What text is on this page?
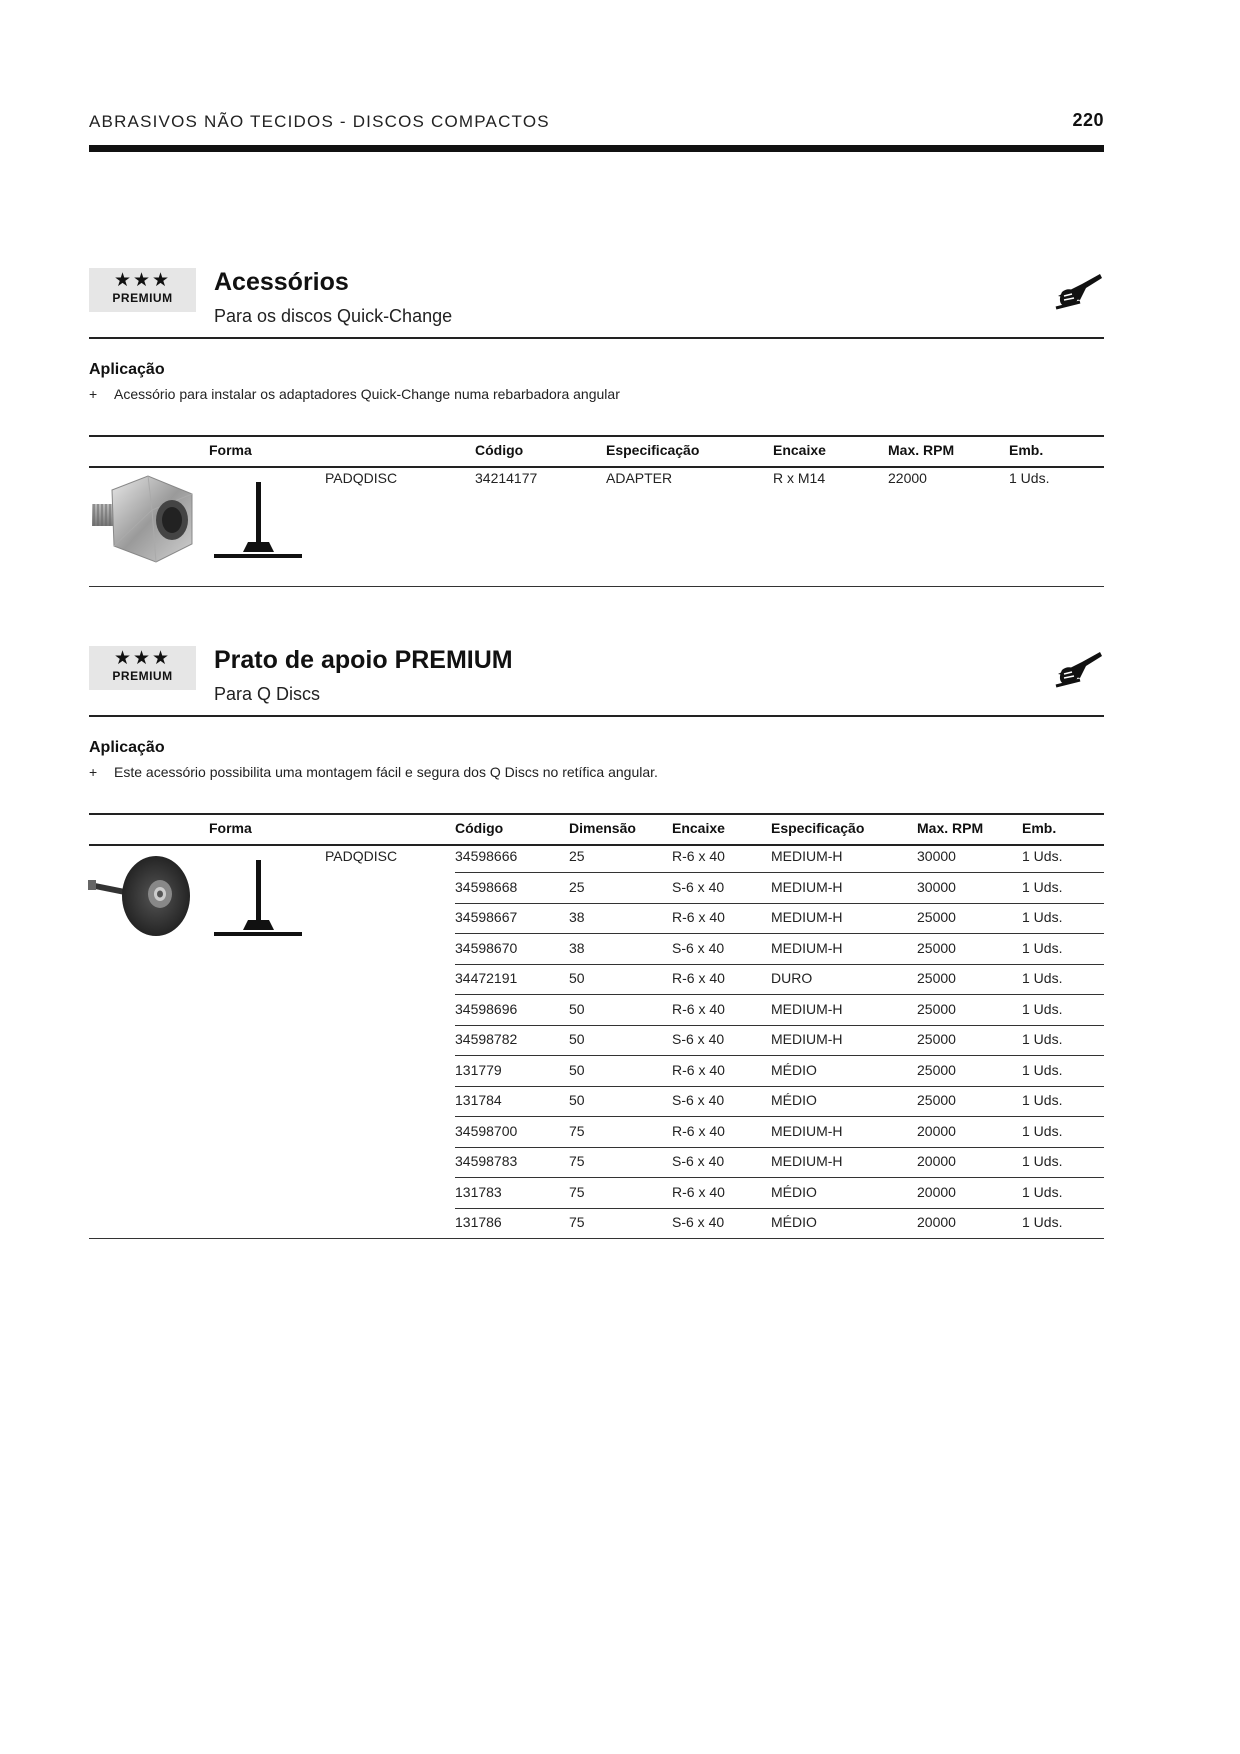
ABRASIVOS NÃO TECIDOS - DISCOS COMPACTOS	220
★★★
PREMIUM
Acessórios
Para os discos Quick-Change
Aplicação
+ Acessório para instalar os adaptadores Quick-Change numa rebarbadora angular
Forma	Código	Especificação	Encaixe	Max. RPM	Emb.
PADQDISC	34214177	ADAPTER	R x M14	22000	1 Uds.
★★★
PREMIUM
Prato de apoio PREMIUM
Para Q Discs
Aplicação
+ Este acessório possibilita uma montagem fácil e segura dos Q Discs no retífica angular.
Forma	Código	Dimensão	Encaixe	Especificação	Max. RPM	Emb.
PADQDISC	34598666	25	R-6 x 40	MEDIUM-H	30000	1 Uds.
34598668	25	S-6 x 40	MEDIUM-H	30000	1 Uds.
34598667	38	R-6 x 40	MEDIUM-H	25000	1 Uds.
34598670	38	S-6 x 40	MEDIUM-H	25000	1 Uds.
34472191	50	R-6 x 40	DURO	25000	1 Uds.
34598696	50	R-6 x 40	MEDIUM-H	25000	1 Uds.
34598782	50	S-6 x 40	MEDIUM-H	25000	1 Uds.
131779	50	R-6 x 40	MÉDIO	25000	1 Uds.
131784	50	S-6 x 40	MÉDIO	25000	1 Uds.
34598700	75	R-6 x 40	MEDIUM-H	20000	1 Uds.
34598783	75	S-6 x 40	MEDIUM-H	20000	1 Uds.
131783	75	R-6 x 40	MÉDIO	20000	1 Uds.
131786	75	S-6 x 40	MÉDIO	20000	1 Uds.
